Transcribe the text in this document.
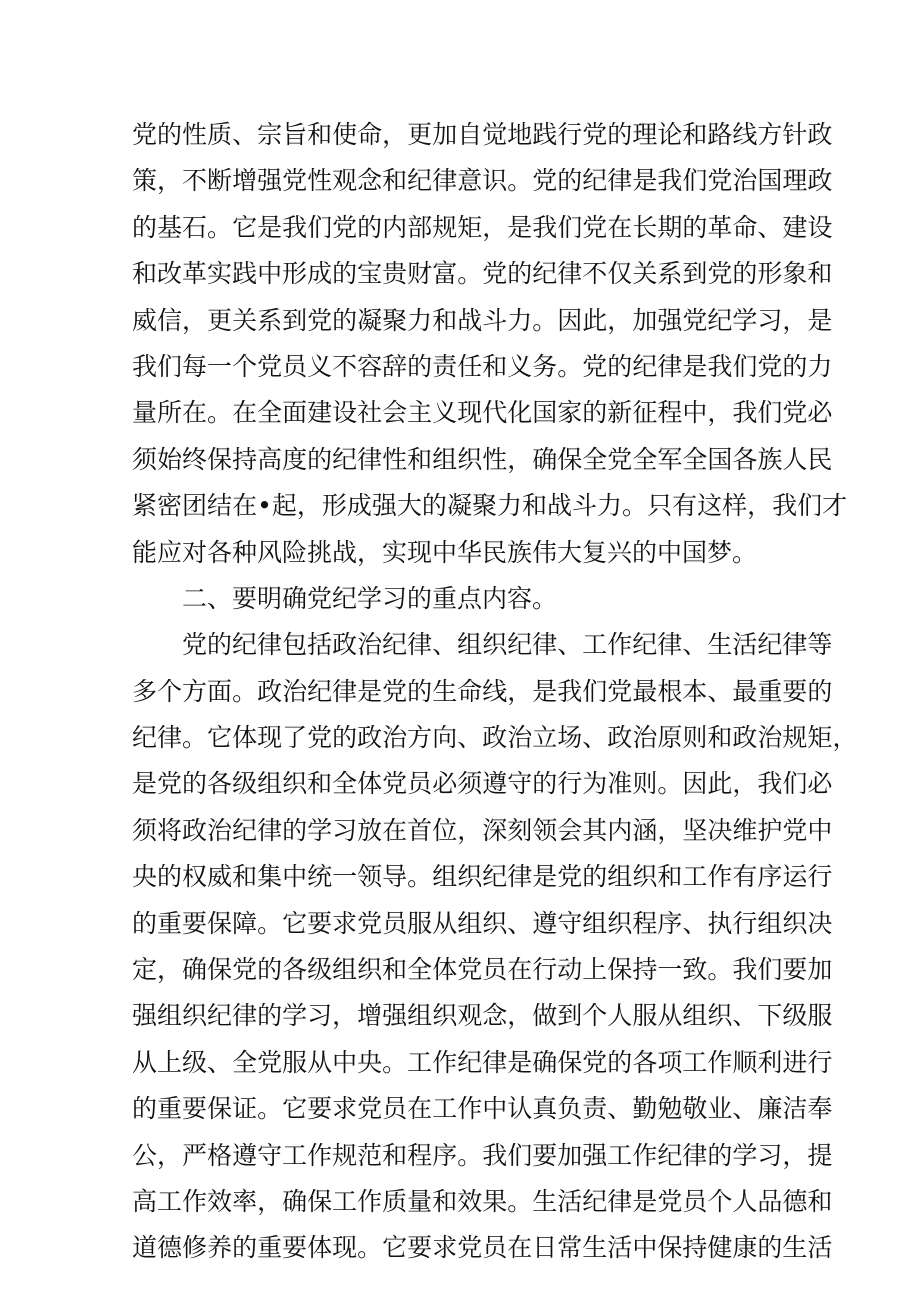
党 的 性 质 、 宗 旨 和 使 命 ， 更 加 自 觉 地 践 行 党 的 理 论 和 路 线 方 针 政
策 ， 不 断 增 强 党 性 观 念 和 纪 律 意 识 。 党 的 纪 律 是 我 们 党 治 国 理 政
的 基 石 。 它 是 我 们 党 的 内 部 规 矩 ， 是 我 们 党 在 长 期 的 革 命 、 建 设
和 改 革 实 践 中 形 成 的 宝 贵 财 富 。 党 的 纪 律 不 仅 关 系 到 党 的 形 象 和
威 信 ， 更 关 系 到 党 的 凝 聚 力 和 战 斗 力 。 因 此 ， 加 强 党 纪 学 习 ， 是
我 们 每 一 个 党 员 义 不 容 辞 的 责 任 和 义 务 。 党 的 纪 律 是 我 们 党 的 力
量 所 在 。 在 全 面 建 设 社 会 主 义 现 代 化 国 家 的 新 征 程 中 ， 我 们 党 必
须 始 终 保 持 高 度 的 纪 律 性 和 组 织 性 ， 确 保 全 党 全 军 全 国 各 族 人 民
紧 密 团 结 在 • 起 ， 形 成 强 大 的 凝 聚 力 和 战 斗 力 。 只 有 这 样 ， 我 们 才
能应对各种风险挑战，实现中华民族伟大复兴的中国梦。
二、要明确党纪学习的重点内容。
党 的 纪 律 包 括 政 治 纪 律 、 组 织 纪 律 、 工 作 纪 律 、 生 活 纪 律 等
多 个 方 面 。 政 治 纪 律 是 党 的 生 命 线 ， 是 我 们 党 最 根 本 、 最 重 要 的
纪 律 。 它 体 现 了 党 的 政 治 方 向 、 政 治 立 场 、 政 治 原 则 和 政 治 规 矩 ，
是 党 的 各 级 组 织 和 全 体 党 员 必 须 遵 守 的 行 为 准 则 。 因 此 ， 我 们 必
须 将 政 治 纪 律 的 学 习 放 在 首 位 ， 深 刻 领 会 其 内 涵 ， 坚 决 维 护 党 中
央 的 权 威 和 集 中 统 一 领 导 。 组 织 纪 律 是 党 的 组 织 和 工 作 有 序 运 行
的 重 要 保 障 。 它 要 求 党 员 服 从 组 织 、 遵 守 组 织 程 序 、 执 行 组 织 决
定 ， 确 保 党 的 各 级 组 织 和 全 体 党 员 在 行 动 上 保 持 一 致 。 我 们 要 加
强 组 织 纪 律 的 学 习 ， 增 强 组 织 观 念 ， 做 到 个 人 服 从 组 织 、 下 级 服
从 上 级 、 全 党 服 从 中 央 。 工 作 纪 律 是 确 保 党 的 各 项 工 作 顺 利 进 行
的 重 要 保 证 。 它 要 求 党 员 在 工 作 中 认 真 负 责 、 勤 勉 敬 业 、 廉 洁 奉
公 ， 严 格 遵 守 工 作 规 范 和 程 序 。 我 们 要 加 强 工 作 纪 律 的 学 习 ， 提
高 工 作 效 率 ， 确 保 工 作 质 量 和 效 果 。 生 活 纪 律 是 党 员 个 人 品 德 和
道 德 修 养 的 重 要 体 现 。 它 要 求 党 员 在 日 常 生 活 中 保 持 健 康 的 生 活
